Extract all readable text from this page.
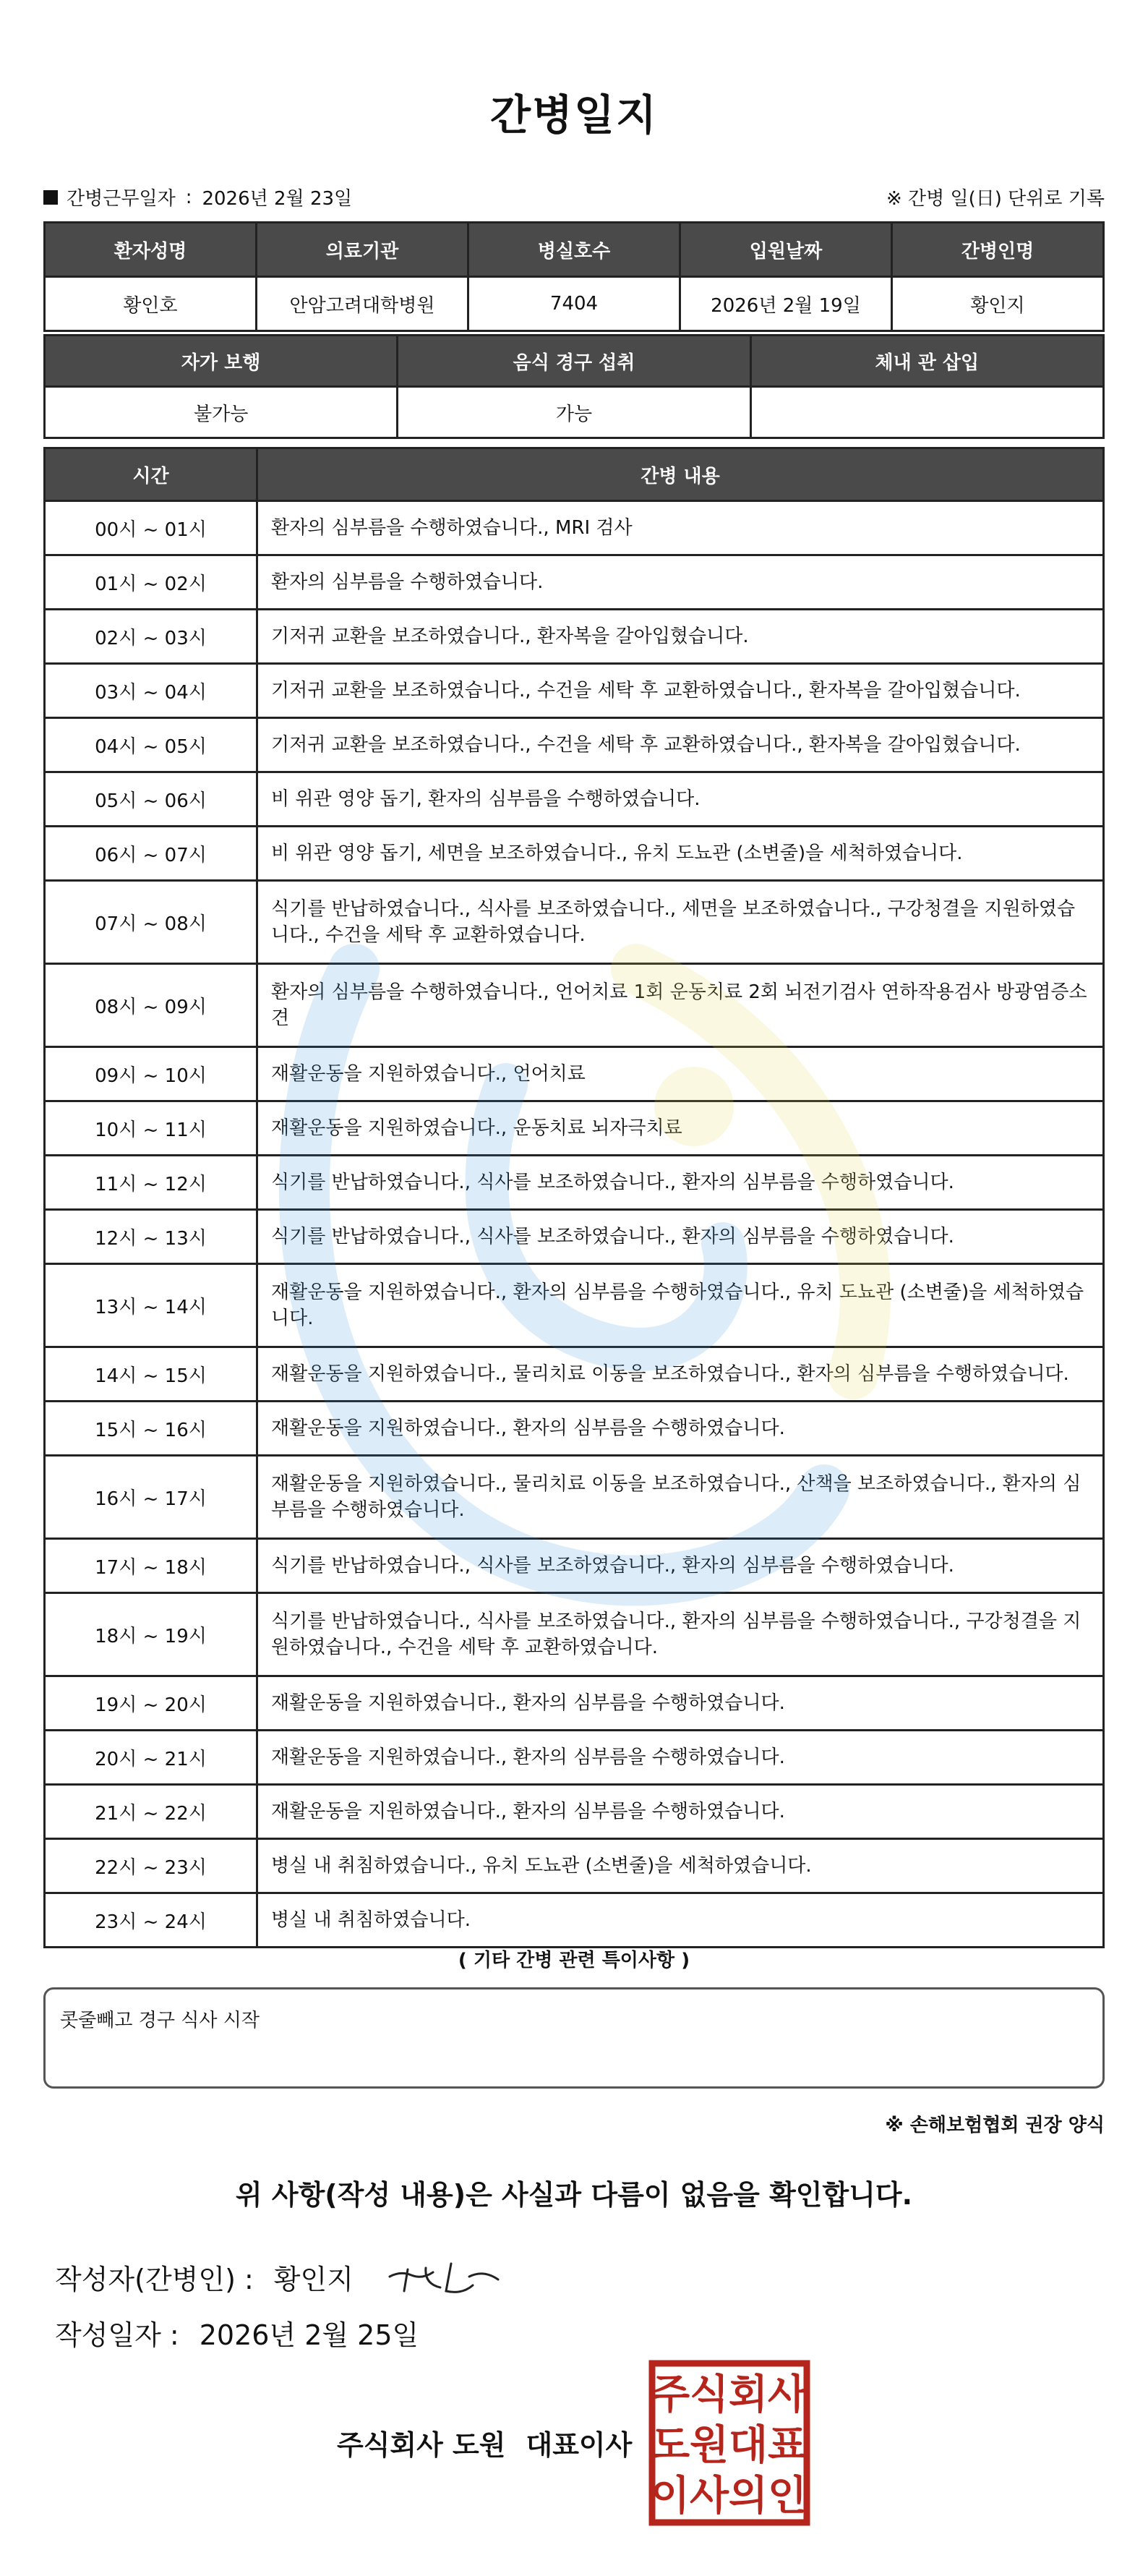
간병일지
간병근무일자 : 2026년 2월 23일	※ 간병 일(日) 단위로 기록
환자성명	의료기관	병실호수	입원날짜	간병인명
황인호	안암고려대학병원	7404	2026년 2월 19일	황인지
자가 보행	음식 경구 섭취	체내 관 삽입
불가능	가능	
시간	간병 내용
00시 ~ 01시	환자의 심부름을 수행하였습니다., MRI 검사
01시 ~ 02시	환자의 심부름을 수행하였습니다.
02시 ~ 03시	기저귀 교환을 보조하였습니다., 환자복을 갈아입혔습니다.
03시 ~ 04시	기저귀 교환을 보조하였습니다., 수건을 세탁 후 교환하였습니다., 환자복을 갈아입혔습니다.
04시 ~ 05시	기저귀 교환을 보조하였습니다., 수건을 세탁 후 교환하였습니다., 환자복을 갈아입혔습니다.
05시 ~ 06시	비 위관 영양 돕기, 환자의 심부름을 수행하였습니다.
06시 ~ 07시	비 위관 영양 돕기, 세면을 보조하였습니다., 유치 도뇨관 (소변줄)을 세척하였습니다.
07시 ~ 08시	식기를 반납하였습니다., 식사를 보조하였습니다., 세면을 보조하였습니다., 구강청결을 지원하였습니다., 수건을 세탁 후 교환하였습니다.
08시 ~ 09시	환자의 심부름을 수행하였습니다., 언어치료 1회 운동치료 2회 뇌전기검사 연하작용검사 방광염증소견
09시 ~ 10시	재활운동을 지원하였습니다., 언어치료
10시 ~ 11시	재활운동을 지원하였습니다., 운동치료 뇌자극치료
11시 ~ 12시	식기를 반납하였습니다., 식사를 보조하였습니다., 환자의 심부름을 수행하였습니다.
12시 ~ 13시	식기를 반납하였습니다., 식사를 보조하였습니다., 환자의 심부름을 수행하였습니다.
13시 ~ 14시	재활운동을 지원하였습니다., 환자의 심부름을 수행하였습니다., 유치 도뇨관 (소변줄)을 세척하였습니다.
14시 ~ 15시	재활운동을 지원하였습니다., 물리치료 이동을 보조하였습니다., 환자의 심부름을 수행하였습니다.
15시 ~ 16시	재활운동을 지원하였습니다., 환자의 심부름을 수행하였습니다.
16시 ~ 17시	재활운동을 지원하였습니다., 물리치료 이동을 보조하였습니다., 산책을 보조하였습니다., 환자의 심부름을 수행하였습니다.
17시 ~ 18시	식기를 반납하였습니다., 식사를 보조하였습니다., 환자의 심부름을 수행하였습니다.
18시 ~ 19시	식기를 반납하였습니다., 식사를 보조하였습니다., 환자의 심부름을 수행하였습니다., 구강청결을 지원하였습니다., 수건을 세탁 후 교환하였습니다.
19시 ~ 20시	재활운동을 지원하였습니다., 환자의 심부름을 수행하였습니다.
20시 ~ 21시	재활운동을 지원하였습니다., 환자의 심부름을 수행하였습니다.
21시 ~ 22시	재활운동을 지원하였습니다., 환자의 심부름을 수행하였습니다.
22시 ~ 23시	병실 내 취침하였습니다., 유치 도뇨관 (소변줄)을 세척하였습니다.
23시 ~ 24시	병실 내 취침하였습니다.
( 기타 간병 관련 특이사항 )
콧줄빼고 경구 식사 시작
※ 손해보험협회 권장 양식
위 사항(작성 내용)은 사실과 다름이 없음을 확인합니다.
작성자(간병인) : 황인지
작성일자 : 2026년 2월 25일
주식회사 도원 대표이사
주 식 회 사
도 원 대 표
이 사 의 인
